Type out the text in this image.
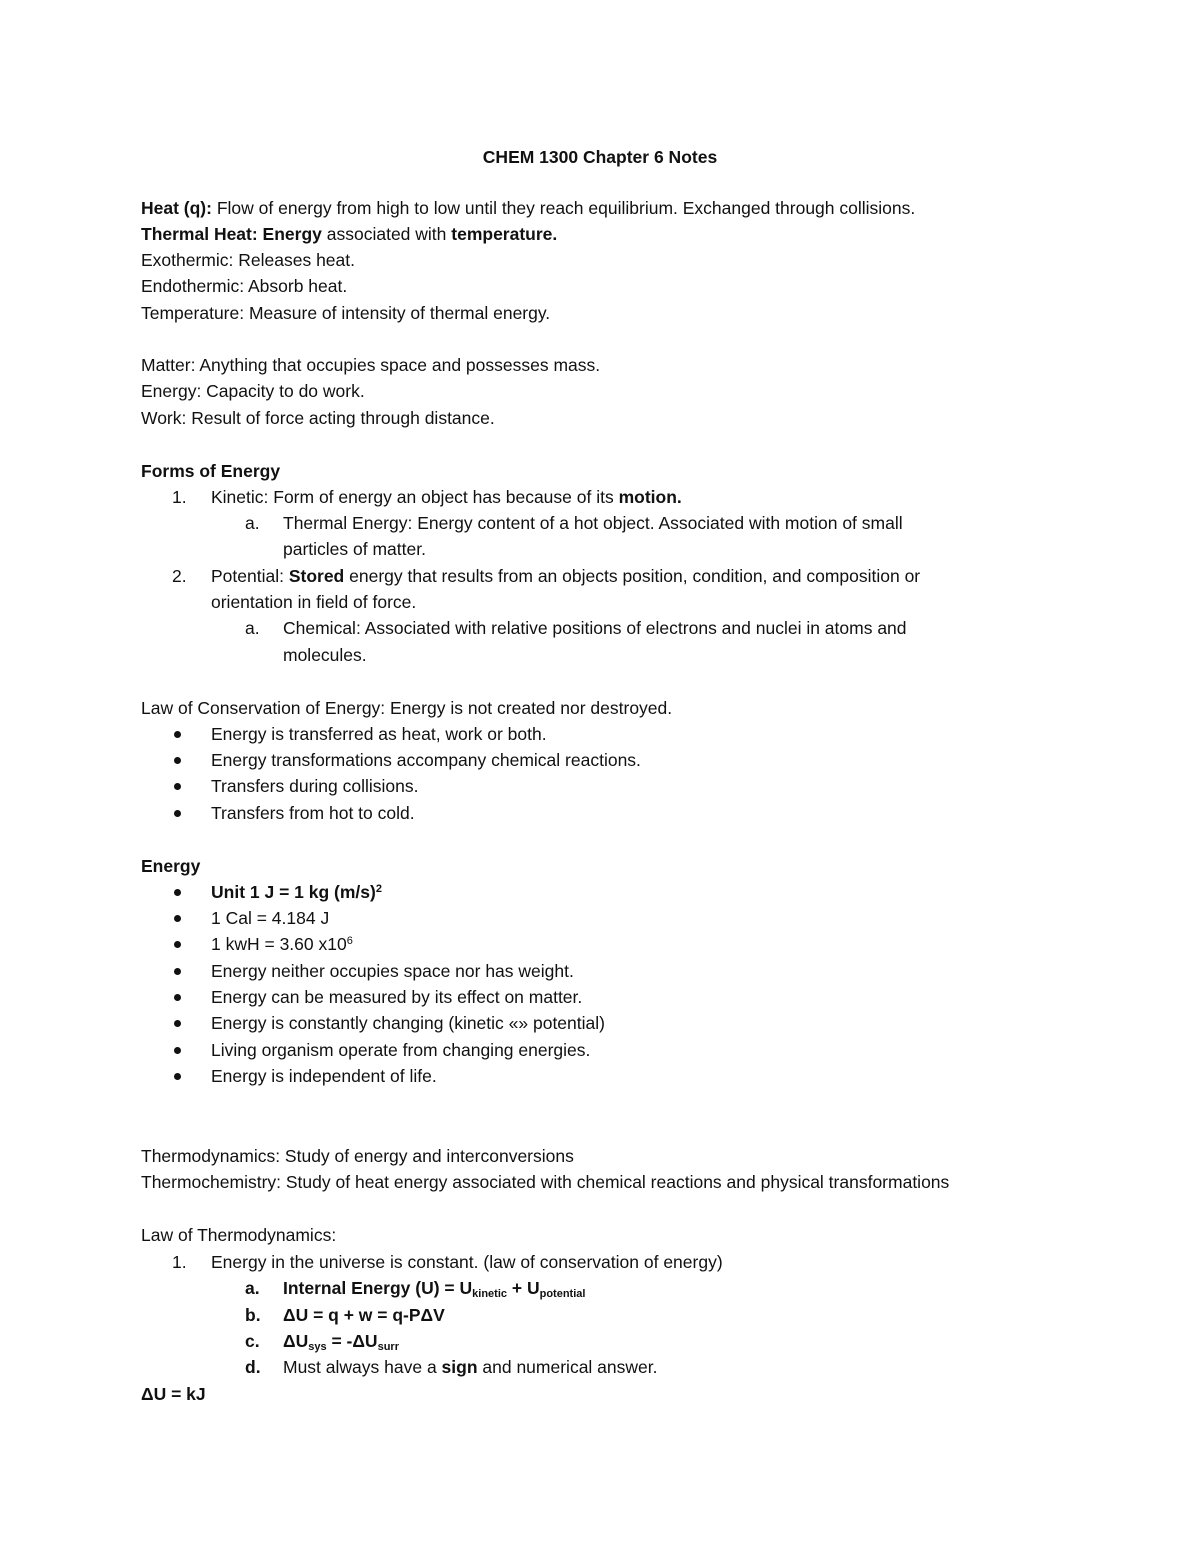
CHEM 1300 Chapter 6 Notes
Heat (q): Flow of energy from high to low until they reach equilibrium. Exchanged through collisions.
Thermal Heat: Energy associated with temperature.
Exothermic: Releases heat.
Endothermic: Absorb heat.
Temperature: Measure of intensity of thermal energy.
Matter: Anything that occupies space and possesses mass.
Energy: Capacity to do work.
Work: Result of force acting through distance.
Forms of Energy
1. Kinetic: Form of energy an object has because of its motion.
a. Thermal Energy: Energy content of a hot object. Associated with motion of small
particles of matter.
2. Potential: Stored energy that results from an objects position, condition, and composition or
orientation in field of force.
a. Chemical: Associated with relative positions of electrons and nuclei in atoms and
molecules.
Law of Conservation of Energy: Energy is not created nor destroyed.
Energy is transferred as heat, work or both.
Energy transformations accompany chemical reactions.
Transfers during collisions.
Transfers from hot to cold.
Energy
Unit 1 J = 1 kg $(m/s)^2$
1 Cal = 4.184 J
1 kwH = 3.60 $x10^6$
Energy neither occupies space nor has weight.
Energy can be measured by its effect on matter.
Energy is constantly changing (kinetic «» potential)
Living organism operate from changing energies.
Energy is independent of life.
Thermodynamics: Study of energy and interconversions
Thermochemistry: Study of heat energy associated with chemical reactions and physical transformations
Law of Thermodynamics:
1. Energy in the universe is constant. (law of conservation of energy)
a. Internal Energy $(U) = U_{kinetic} + U_{potential}$
b. ΔU = q + w = q-PΔV
c. $\Delta U_{sys} = -\Delta U_{surr}$
d. Must always have a sign and numerical answer.
ΔU = kJ
